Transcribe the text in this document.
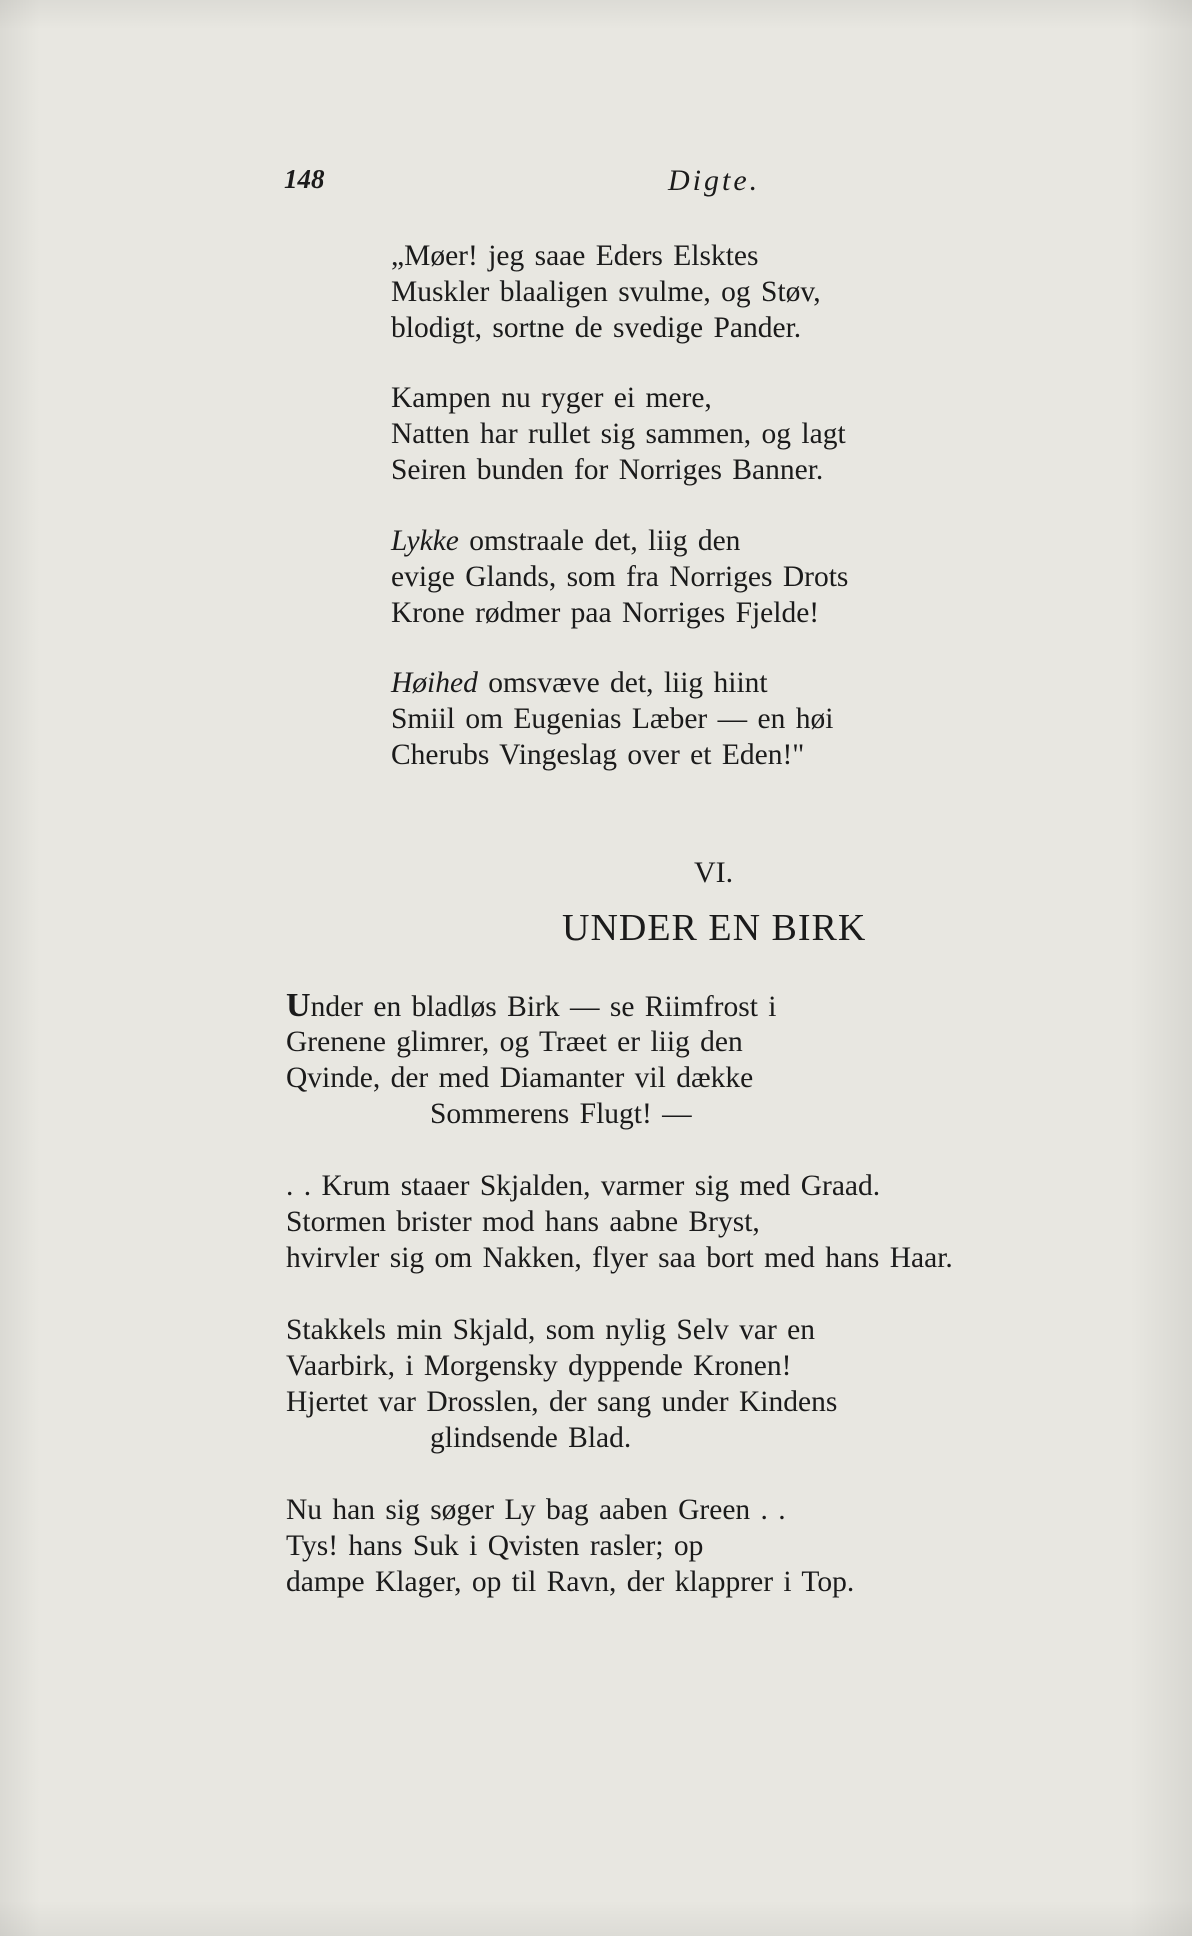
148	Digte.
„Møer! jeg saae Eders Elsktes
Muskler blaaligen svulme, og Støv,
blodigt, sortne de svedige Pander.
Kampen nu ryger ei mere,
Natten har rullet sig sammen, og lagt
Seiren bunden for Norriges Banner.
Lykke omstraale det, liig den
evige Glands, som fra Norriges Drots
Krone rødmer paa Norriges Fjelde!
Høihed omsvæve det, liig hiint
Smiil om Eugenias Læber — en høi
Cherubs Vingeslag over et Eden!"
VI.
UNDER EN BIRK
Under en bladløs Birk — se Riimfrost i
Grenene glimrer, og Træet er liig den
Qvinde, der med Diamanter vil dække
Sommerens Flugt! —
. . Krum staaer Skjalden, varmer sig med Graad.
Stormen brister mod hans aabne Bryst,
hvirvler sig om Nakken, flyer saa bort med hans Haar.
Stakkels min Skjald, som nylig Selv var en
Vaarbirk, i Morgensky dyppende Kronen!
Hjertet var Drosslen, der sang under Kindens
glindsende Blad.
Nu han sig søger Ly bag aaben Green . .
Tys! hans Suk i Qvisten rasler; op
dampe Klager, op til Ravn, der klapprer i Top.
